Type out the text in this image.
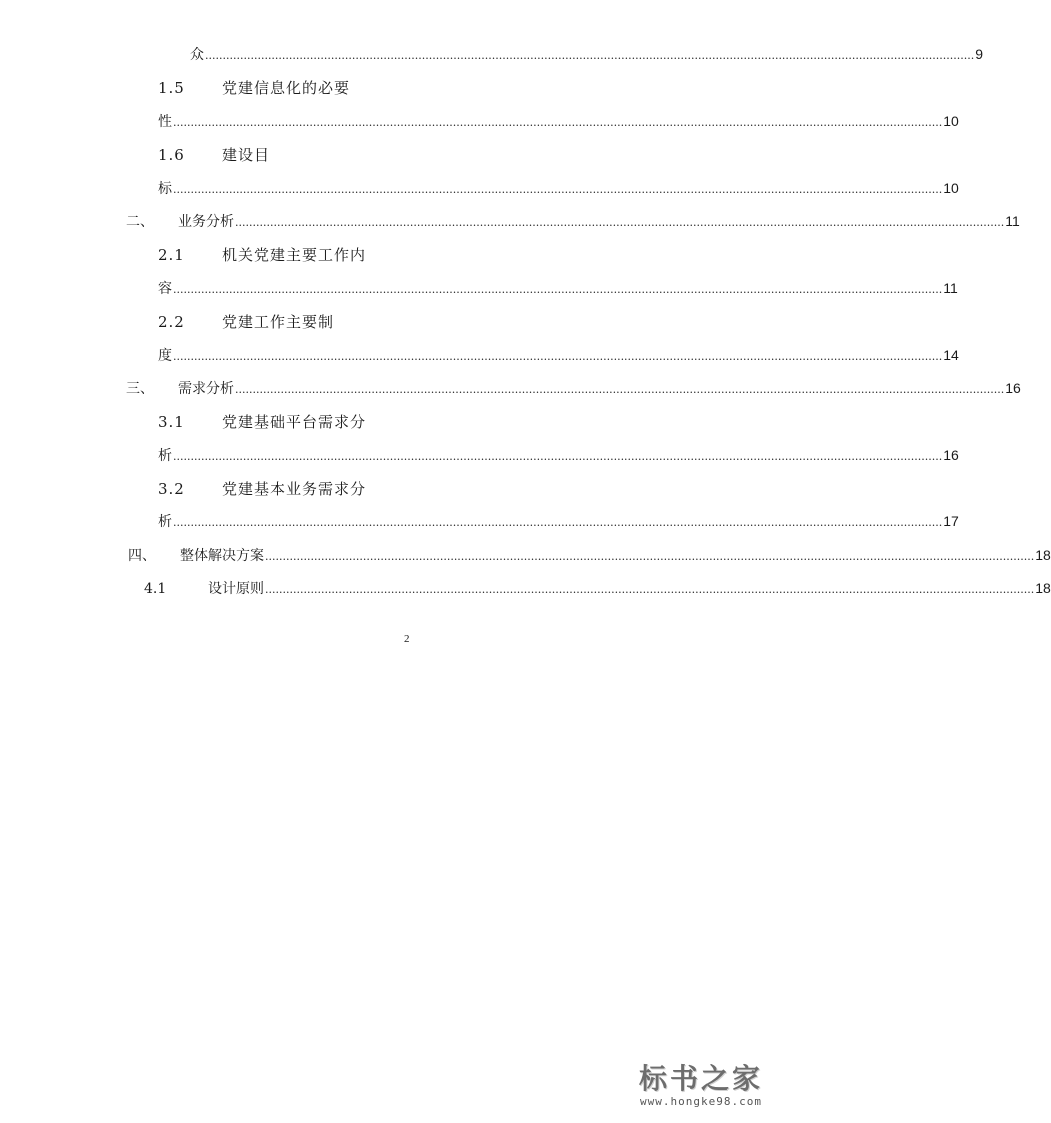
众 ............................................................................................................................................................................................................................ 9
1.5 党建信息化的必要
性 ............................................................................................................................................................................................................................ 10
1.6 建设目
标 ............................................................................................................................................................................................................................ 10
二、	业务分析 ............................................................................................................................................................................................................................ 11
2.1 机关党建主要工作内
容 ............................................................................................................................................................................................................................ 11
2.2 党建工作主要制
度 ............................................................................................................................................................................................................................ 14
三、	需求分析 ............................................................................................................................................................................................................................ 16
3.1 党建基础平台需求分
析 ............................................................................................................................................................................................................................ 16
3.2 党建基本业务需求分
析 ............................................................................................................................................................................................................................ 17
四、	整体解决方案 ............................................................................................................................................................................................................................ 18
4.1	设计原则 ............................................................................................................................................................................................................................ 18
2
标书之家
www.hongke98.com
